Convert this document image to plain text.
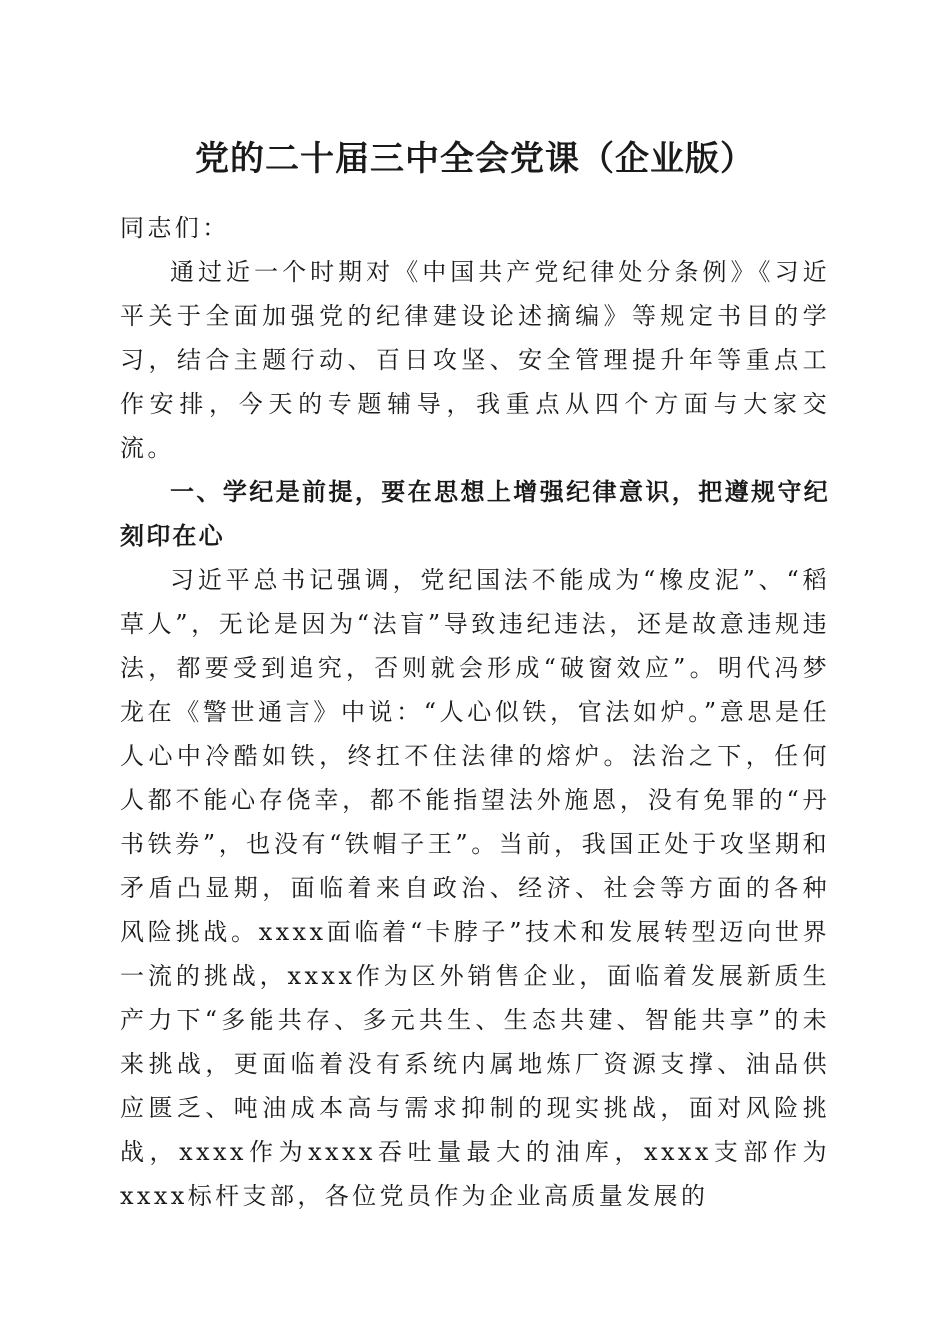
党的二十届三中全会党课（企业版）

同志们：

通过近一个时期对《中国共产党纪律处分条例》《习近平关于全面加强党的纪律建设论述摘编》等规定书目的学习，结合主题行动、百日攻坚、安全管理提升年等重点工作安排，今天的专题辅导，我重点从四个方面与大家交流。

一、学纪是前提，要在思想上增强纪律意识，把遵规守纪刻印在心

习近平总书记强调，党纪国法不能成为“橡皮泥”、“稻草人”，无论是因为“法盲”导致违纪违法，还是故意违规违法，都要受到追究，否则就会形成“破窗效应”。明代冯梦龙在《警世通言》中说：“人心似铁，官法如炉。”意思是任人心中冷酷如铁，终扛不住法律的熔炉。法治之下，任何人都不能心存侥幸，都不能指望法外施恩，没有免罪的“丹书铁券”，也没有“铁帽子王”。当前，我国正处于攻坚期和矛盾凸显期，面临着来自政治、经济、社会等方面的各种风险挑战。xxxx面临着“卡脖子”技术和发展转型迈向世界一流的挑战，xxxx作为区外销售企业，面临着发展新质生产力下“多能共存、多元共生、生态共建、智能共享”的未来挑战，更面临着没有系统内属地炼厂资源支撑、油品供应匮乏、吨油成本高与需求抑制的现实挑战，面对风险挑战，xxxx作为xxxx吞吐量最大的油库，xxxx支部作为xxxx标杆支部，各位党员作为企业高质量发展的
